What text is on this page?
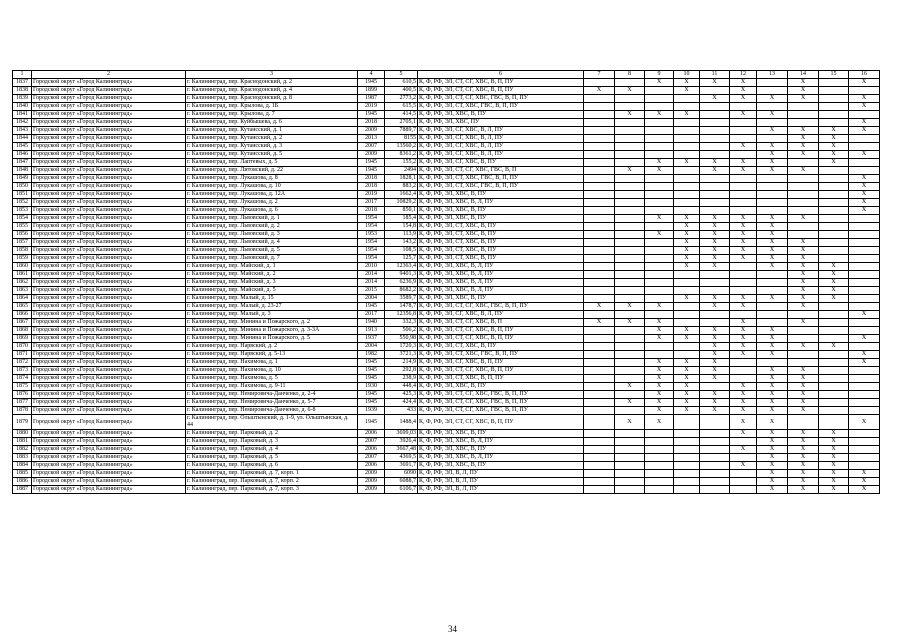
1	2	3	4	5	6	7	8	9	10	11	12	13	14	15	16
1837	Городской округ «Город Калининград»	г. Калининград, пер. Краснодонский, д. 2	1945	610,5	К, Ф, РФ, ЭЛ, СТ, СГ, ХВС, В, П, ПУ			X	X	X	X		X		X
1838	Городской округ «Город Калининград»	г. Калининград, пер. Краснодонский, д. 4	1899	400,5	К, Ф, РФ, ЭЛ, СТ, СГ, ХВС, В, П, ПУ	X	X		X		X		X		
1839	Городской округ «Город Калининград»	г. Калининград, пер. Краснодонский, д. 8	1987	2773,2	К, Ф, РФ, ЭЛ, СТ, СГ, ХВС, ГВС, В, П, ПУ					X	X	X	X		X
1840	Городской округ «Город Калининград»	г. Калининград, пер. Крылова, д. 1Б	2019	615,5	К, Ф, РФ, ЭЛ, СТ, ХВС, ГВС, В, П, ПУ										X
1841	Городской округ «Город Калининград»	г. Калининград, пер. Крылова, д. 7	1945	414,5	К, Ф, РФ, ЭЛ, ХВС, В, ПУ		X	X	X		X	X			
1842	Городской округ «Город Калининград»	г. Калининград, пер. Куйбышева, д. 6	2018	2705,1	К, Ф, РФ, ЭЛ, ХВС, ПУ										X
1843	Городской округ «Город Калининград»	г. Калининград, пер. Кутаисский, д. 1	2009	7889,7	К, Ф, РФ, ЭЛ, СГ, ХВС, В, Л, ПУ							X	X	X	X
1844	Городской округ «Город Калининград»	г. Калининград, пер. Кутаисский, д. 2	2013	8155	К, Ф, РФ, ЭЛ, СГ, ХВС, В, Л, ПУ								X	X	
1845	Городской округ «Город Калининград»	г. Калининград, пер. Кутаисский, д. 3	2007	13560,2	К, Ф, РФ, ЭЛ, СГ, ХВС, В, Л, ПУ						X	X	X	X	
1846	Городской округ «Город Калининград»	г. Калининград, пер. Кутаисский, д. 5	2009	8361,2	К, Ф, РФ, ЭЛ, СГ, ХВС, В, Л, ПУ							X	X	X	X
1847	Городской округ «Город Калининград»	г. Калининград, пер. Лаптевых, д. 5	1945	155,2	К, Ф, РФ, ЭЛ, СГ, ХВС, В, ПУ			X	X	X	X	X		X	
1848	Городской округ «Город Калининград»	г. Калининград, пер. Литовский, д. 22	1945	2494	К, Ф, РФ, ЭЛ, СТ, СГ, ХВС, ГВС, В, П		X	X		X	X	X	X		
1849	Городской округ «Город Калининград»	г. Калининград, пер. Лукашова, д. 8	2018	1828,1	К, Ф, РФ, ЭЛ, СТ, ХВС, ГВС, В, П, ПУ										X
1850	Городской округ «Город Калининград»	г. Калининград, пер. Лукашова, д. 10	2018	883,2	К, Ф, РФ, ЭЛ, СТ, ХВС, ГВС, В, П, ПУ										X
1851	Городской округ «Город Калининград»	г. Калининград, пер. Лукашова, д. 12А	2019	1662,4	К, Ф, РФ, ЭЛ, ХВС, В, ПУ										X
1852	Городской округ «Город Калининград»	г. Калининград, пер. Лукашова, д. 2	2017	10829,2	К, Ф, РФ, ЭЛ, ХВС, В, Л, ПУ										X
1853	Городской округ «Город Калининград»	г. Калининград, пер. Лукашова, д. 6	2018	850,1	К, Ф, РФ, ЭЛ, ХВС, В, ПУ										X
1854	Городской округ «Город Калининград»	г. Калининград, пер. Львовский, д. 1	1954	185,4	К, Ф, РФ, ЭЛ, ХВС, В, ПУ			X	X	X	X	X	X		
1855	Городской округ «Город Калининград»	г. Калининград, пер. Львовский, д. 2	1954	154,8	К, Ф, РФ, ЭЛ, СТ, ХВС, В, ПУ				X	X	X	X			
1856	Городской округ «Город Калининград»	г. Калининград, пер. Львовский, д. 3	1953	113,9	К, Ф, РФ, ЭЛ, СТ, ХВС, В, ПУ			X	X	X	X	X			
1857	Городской округ «Город Калининград»	г. Калининград, пер. Львовский, д. 4	1954	143,2	К, Ф, РФ, ЭЛ, СТ, ХВС, В, ПУ				X	X	X	X	X		
1858	Городской округ «Город Калининград»	г. Калининград, пер. Львовский, д. 5	1954	108,5	К, Ф, РФ, ЭЛ, СТ, ХВС, В, ПУ				X	X	X	X	X		
1859	Городской округ «Город Калининград»	г. Калининград, пер. Львовский, д. 7	1954	125,7	К, Ф, РФ, ЭЛ, СТ, ХВС, В, ПУ				X	X	X	X	X		
1860	Городской округ «Город Калининград»	г. Калининград, пер. Майский, д. 1	2010	12363,4	К, Ф, РФ, ЭЛ, ХВС, В, Л, ПУ				X	X		X	X	X	
1861	Городской округ «Город Калининград»	г. Калининград, пер. Майский, д. 2	2014	9401,3	К, Ф, РФ, ЭЛ, ХВС, В, Л, ПУ								X	X	
1862	Городской округ «Город Калининград»	г. Калининград, пер. Майский, д. 3	2014	6236,9	К, Ф, РФ, ЭЛ, ХВС, В, Л, ПУ								X	X	
1863	Городской округ «Город Калининград»	г. Калининград, пер. Майский, д. 5	2015	8682,2	К, Ф, РФ, ЭЛ, ХВС, В, Л, ПУ								X	X	
1864	Городской округ «Город Калининград»	г. Калининград, пер. Малый, д. 15	2004	3589,7	К, Ф, РФ, ЭЛ, ХВС, В, ПУ				X	X	X	X	X	X	
1865	Городской округ «Город Калининград»	г. Калининград, пер. Малый, д. 23-27	1945	1478,7	К, Ф, РФ, ЭЛ, СТ, СГ, ХВС, ГВС, В, П, ПУ	X	X	X		X	X		X		
1866	Городской округ «Город Калининград»	г. Калининград, пер. Малый, д. 3	2017	12356,8	К, Ф, РФ, ЭЛ, СГ, ХВС, В, Л, ПУ										X
1867	Городской округ «Город Калининград»	г. Калининград, пер. Минина и Пожарского, д. 2	1940	332,3	К, Ф, РФ, ЭЛ, СТ, СГ, ХВС, В, П	X	X	X			X		X		
1868	Городской округ «Город Калининград»	г. Калининград, пер. Минина и Пожарского, д. 3-3А	1913	506,2	К, Ф, РФ, ЭЛ, СТ, СГ, ХВС, В, П, ПУ			X	X	X	X	X			
1869	Городской округ «Город Калининград»	г. Калининград, пер. Минина и Пожарского, д. 5	1937	550,98	К, Ф, РФ, ЭЛ, СТ, СГ, ХВС, В, П, ПУ			X	X	X	X	X			X
1870	Городской округ «Город Калининград»	г. Калининград, пер. Нарвский, д. 2	2004	1720,3	К, Ф, РФ, ЭЛ, СТ, ХВС, В, ПУ					X	X	X	X	X	
1871	Городской округ «Город Калининград»	г. Калининград, пер. Нарвский, д. 5-13	1982	3721,3	К, Ф, РФ, ЭЛ, СТ, ХВС, ГВС, В, П, ПУ					X	X	X			X
1872	Городской округ «Город Калининград»	г. Калининград, пер. Нахимова, д. 1	1945	214,9	К, Ф, РФ, ЭЛ, СГ, ХВС, В, П, ПУ			X	X	X					X
1873	Городской округ «Город Калининград»	г. Калининград, пер. Нахимова, д. 10	1945	292,8	К, Ф, РФ, ЭЛ, СТ, СГ, ХВС, В, П, ПУ			X	X	X		X	X		
1874	Городской округ «Город Калининград»	г. Калининград, пер. Нахимова, д. 5	1945	238,9	К, Ф, РФ, ЭЛ, СТ, ХВС, В, П, ПУ			X	X	X		X	X		
1875	Городской округ «Город Калининград»	г. Калининград, пер. Нахимова, д. 9-11	1930	448,4	К, Ф, РФ, ЭЛ, ХВС, В, ПУ		X	X	X		X	X	X		
1876	Городской округ «Город Калининград»	г. Калининград, пер. Немировича-Данченко, д. 2-4	1945	425,3	К, Ф, РФ, ЭЛ, СТ, СГ, ХВС, ГВС, В, П, ПУ			X	X	X	X	X	X		
1877	Городской округ «Город Калининград»	г. Калининград, пер. Немировича-Данченко, д. 5-7	1945	424,4	К, Ф, РФ, ЭЛ, СТ, СГ, ХВС, ГВС, В, П, ПУ		X	X	X	X	X	X	X		
1878	Городской округ «Город Калининград»	г. Калининград, пер. Немировича-Данченко, д. 6-8	1939	433	К, Ф, РФ, ЭЛ, СТ, СГ, ХВС, ГВС, В, П, ПУ			X	X	X	X	X	X		
1879	Городской округ «Город Калининград»	г. Калининград, пер. Ольштынский, д. 1-9, ул. Ольштынская, д. 44	1945	1488,4	К, Ф, РФ, ЭЛ, СТ, СГ, ХВС, В, П, ПУ		X	X			X	X			X
1880	Городской округ «Город Калининград»	г. Калининград, пер. Парковый, д. 2	2006	3699,03	К, Ф, РФ, ЭЛ, ХВС, В, ПУ						X	X	X	X	
1881	Городской округ «Город Калининград»	г. Калининград, пер. Парковый, д. 3	2007	3926,4	К, Ф, РФ, ЭЛ, ХВС, В, Л, ПУ							X	X	X	
1882	Городской округ «Город Калининград»	г. Калининград, пер. Парковый, д. 4	2006	3667,48	К, Ф, РФ, ЭЛ, ХВС, В, ПУ						X	X	X	X	
1883	Городской округ «Город Калининград»	г. Калининград, пер. Парковый, д. 5	2007	4369,5	К, Ф, РФ, ЭЛ, ХВС, В, Л, ПУ							X	X	X	
1884	Городской округ «Город Калининград»	г. Калининград, пер. Парковый, д. 6	2006	3691,7	К, Ф, РФ, ЭЛ, ХВС, В, ПУ						X	X	X	X	
1885	Городской округ «Город Калининград»	г. Калининград, пер. Парковый, д. 7, корп. 1	2009	6090	К, Ф, РФ, ЭЛ, В, Л, ПУ							X	X	X	X
1886	Городской округ «Город Калининград»	г. Калининград, пер. Парковый, д. 7, корп. 2	2009	6088,7	К, Ф, РФ, ЭЛ, В, Л, ПУ							X	X	X	X
1887	Городской округ «Город Калининград»	г. Калининград, пер. Парковый, д. 7, корп. 3	2009	6106,7	К, Ф, РФ, ЭЛ, В, Л, ПУ							X	X	X	X
34
